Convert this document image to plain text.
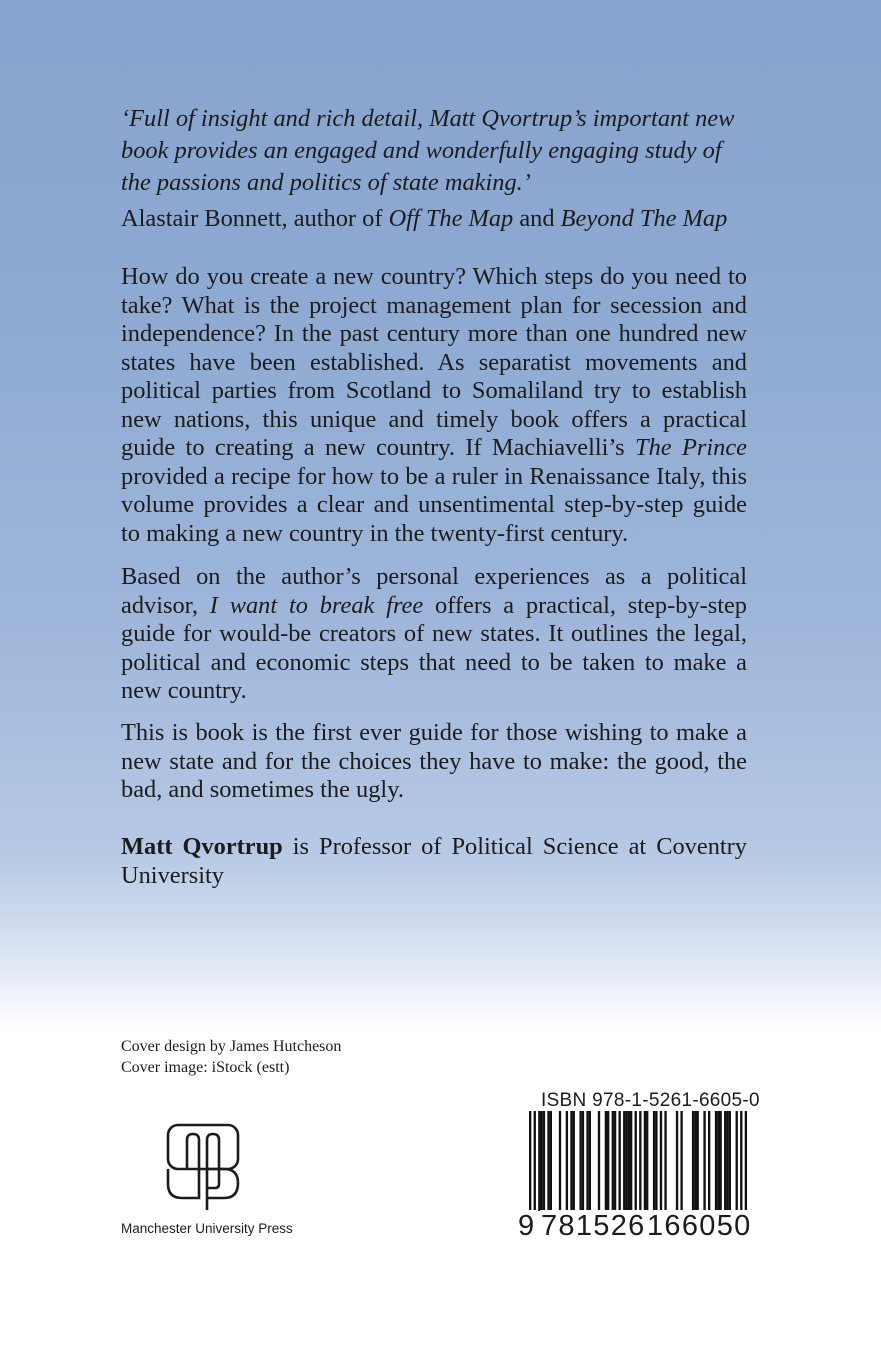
‘Full of insight and rich detail, Matt Qvortrup’s important new book provides an engaged and wonderfully engaging study of the passions and politics of state making.’

Alastair Bonnett, author of Off The Map and Beyond The Map

How do you create a new country? Which steps do you need to take? What is the project management plan for secession and independence? In the past century more than one hundred new states have been established. As separatist movements and political parties from Scotland to Somaliland try to establish new nations, this unique and timely book offers a practical guide to creating a new country. If Machiavelli’s The Prince provided a recipe for how to be a ruler in Renaissance Italy, this volume provides a clear and unsentimental step-by-step guide to making a new country in the twenty-first century.

Based on the author’s personal experiences as a political advisor, I want to break free offers a practical, step-by-step guide for would-be creators of new states. It outlines the legal, political and economic steps that need to be taken to make a new country.

This is book is the first ever guide for those wishing to make a new state and for the choices they have to make: the good, the bad, and sometimes the ugly.

Matt Qvortrup is Professor of Political Science at Coventry University

Cover design by James Hutcheson
Cover image: iStock (estt)
Manchester University Press
ISBN 978-1-5261-6605-0
9 781526 166050
